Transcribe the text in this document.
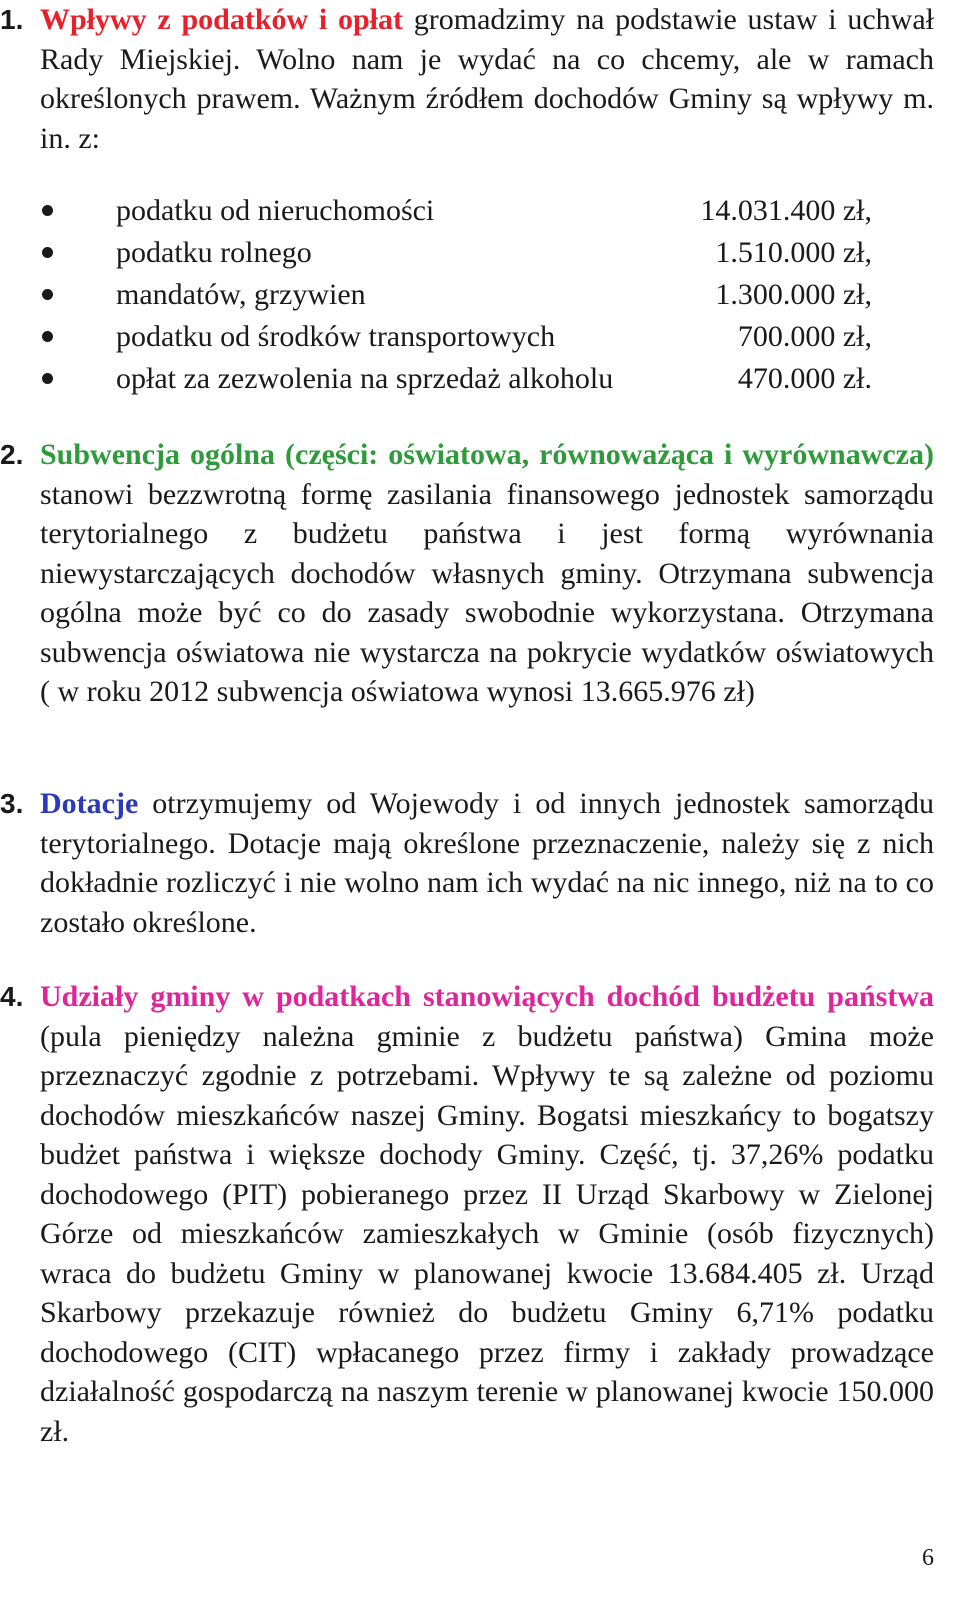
1. Wpływy z podatków i opłat gromadzimy na podstawie ustaw i uchwał Rady Miejskiej. Wolno nam je wydać na co chcemy, ale w ramach określonych prawem. Ważnym źródłem dochodów Gminy są wpływy m. in. z:

podatku od nieruchomości	14.031.400 zł,
podatku rolnego	1.510.000 zł,
mandatów, grzywien	1.300.000 zł,
podatku od środków transportowych	700.000 zł,
opłat za zezwolenia na sprzedaż alkoholu	470.000 zł.

2. Subwencja ogólna (części: oświatowa, równoważąca i wyrównawcza) stanowi bezzwrotną formę zasilania finansowego jednostek samorządu terytorialnego z budżetu państwa i jest formą wyrównania niewystarczających dochodów własnych gminy. Otrzymana subwencja ogólna może być co do zasady swobodnie wykorzystana. Otrzymana subwencja oświatowa nie wystarcza na pokrycie wydatków oświatowych ( w roku 2012 subwencja oświatowa wynosi 13.665.976 zł)

3. Dotacje otrzymujemy od Wojewody i od innych jednostek samorządu terytorialnego. Dotacje mają określone przeznaczenie, należy się z nich dokładnie rozliczyć i nie wolno nam ich wydać na nic innego, niż na to co zostało określone.

4. Udziały gminy w podatkach stanowiących dochód budżetu państwa (pula pieniędzy należna gminie z budżetu państwa) Gmina może przeznaczyć zgodnie z potrzebami. Wpływy te są zależne od poziomu dochodów mieszkańców naszej Gminy. Bogatsi mieszkańcy to bogatszy budżet państwa i większe dochody Gminy. Część, tj. 37,26% podatku dochodowego (PIT) pobieranego przez II Urząd Skarbowy w Zielonej Górze od mieszkańców zamieszkałych w Gminie (osób fizycznych) wraca do budżetu Gminy w planowanej kwocie 13.684.405 zł. Urząd Skarbowy przekazuje również do budżetu Gminy 6,71% podatku dochodowego (CIT) wpłacanego przez firmy i zakłady prowadzące działalność gospodarczą na naszym terenie w planowanej kwocie 150.000 zł.

6
